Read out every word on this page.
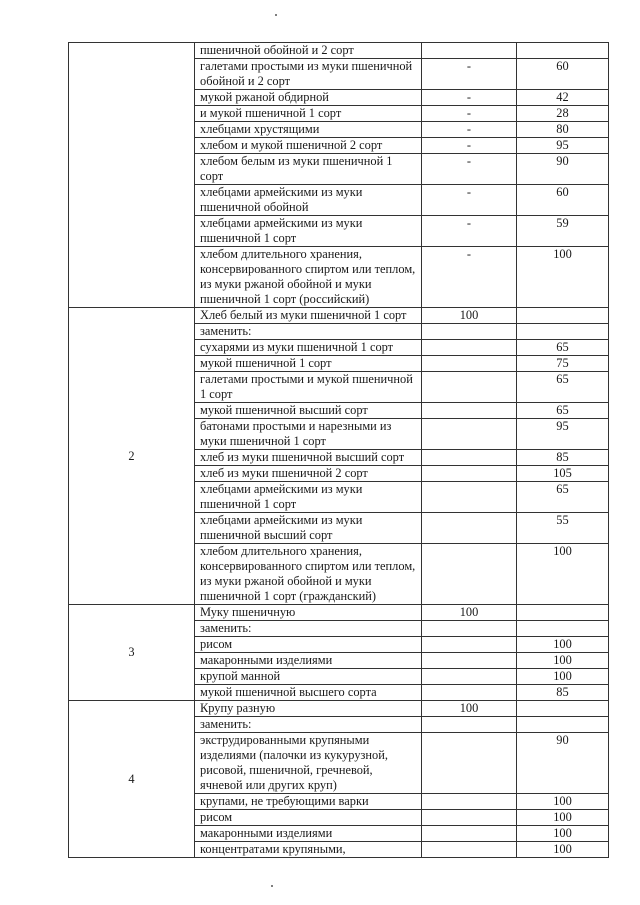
	пшеничной обойной и 2 сорт		
	галетами простыми из муки пшеничной обойной и 2 сорт	-	60
	мукой ржаной обдирной	-	42
	и мукой пшеничной 1 сорт	-	28
	хлебцами хрустящими	-	80
	хлебом и мукой пшеничной 2 сорт	-	95
	хлебом белым из муки пшеничной 1 сорт	-	90
	хлебцами армейскими из муки пшеничной обойной	-	60
	хлебцами армейскими из муки пшеничной 1 сорт	-	59
	хлебом длительного хранения, консервированного спиртом или теплом, из муки ржаной обойной и муки пшеничной 1 сорт (российский)	-	100
2	Хлеб белый из муки пшеничной 1 сорт	100	
	заменить:		
	сухарями из муки пшеничной 1 сорт		65
	мукой пшеничной 1 сорт		75
	галетами простыми и мукой пшеничной 1 сорт		65
	мукой пшеничной высший сорт		65
	батонами простыми и нарезными из муки пшеничной 1 сорт		95
	хлеб из муки пшеничной высший сорт		85
	хлеб из муки пшеничной 2 сорт		105
	хлебцами армейскими из муки пшеничной 1 сорт		65
	хлебцами армейскими из муки пшеничной высший сорт		55
	хлебом длительного хранения, консервированного спиртом или теплом, из муки ржаной обойной и муки пшеничной 1 сорт (гражданский)		100
3	Муку пшеничную	100	
	заменить:		
	рисом		100
	макаронными изделиями		100
	крупой манной		100
	мукой пшеничной высшего сорта		85
4	Крупу разную	100	
	заменить:		
	экструдированными крупяными изделиями (палочки из кукурузной, рисовой, пшеничной, гречневой, ячневой или других круп)		90
	крупами, не требующими варки		100
	рисом		100
	макаронными изделиями		100
	концентратами крупяными,		100
